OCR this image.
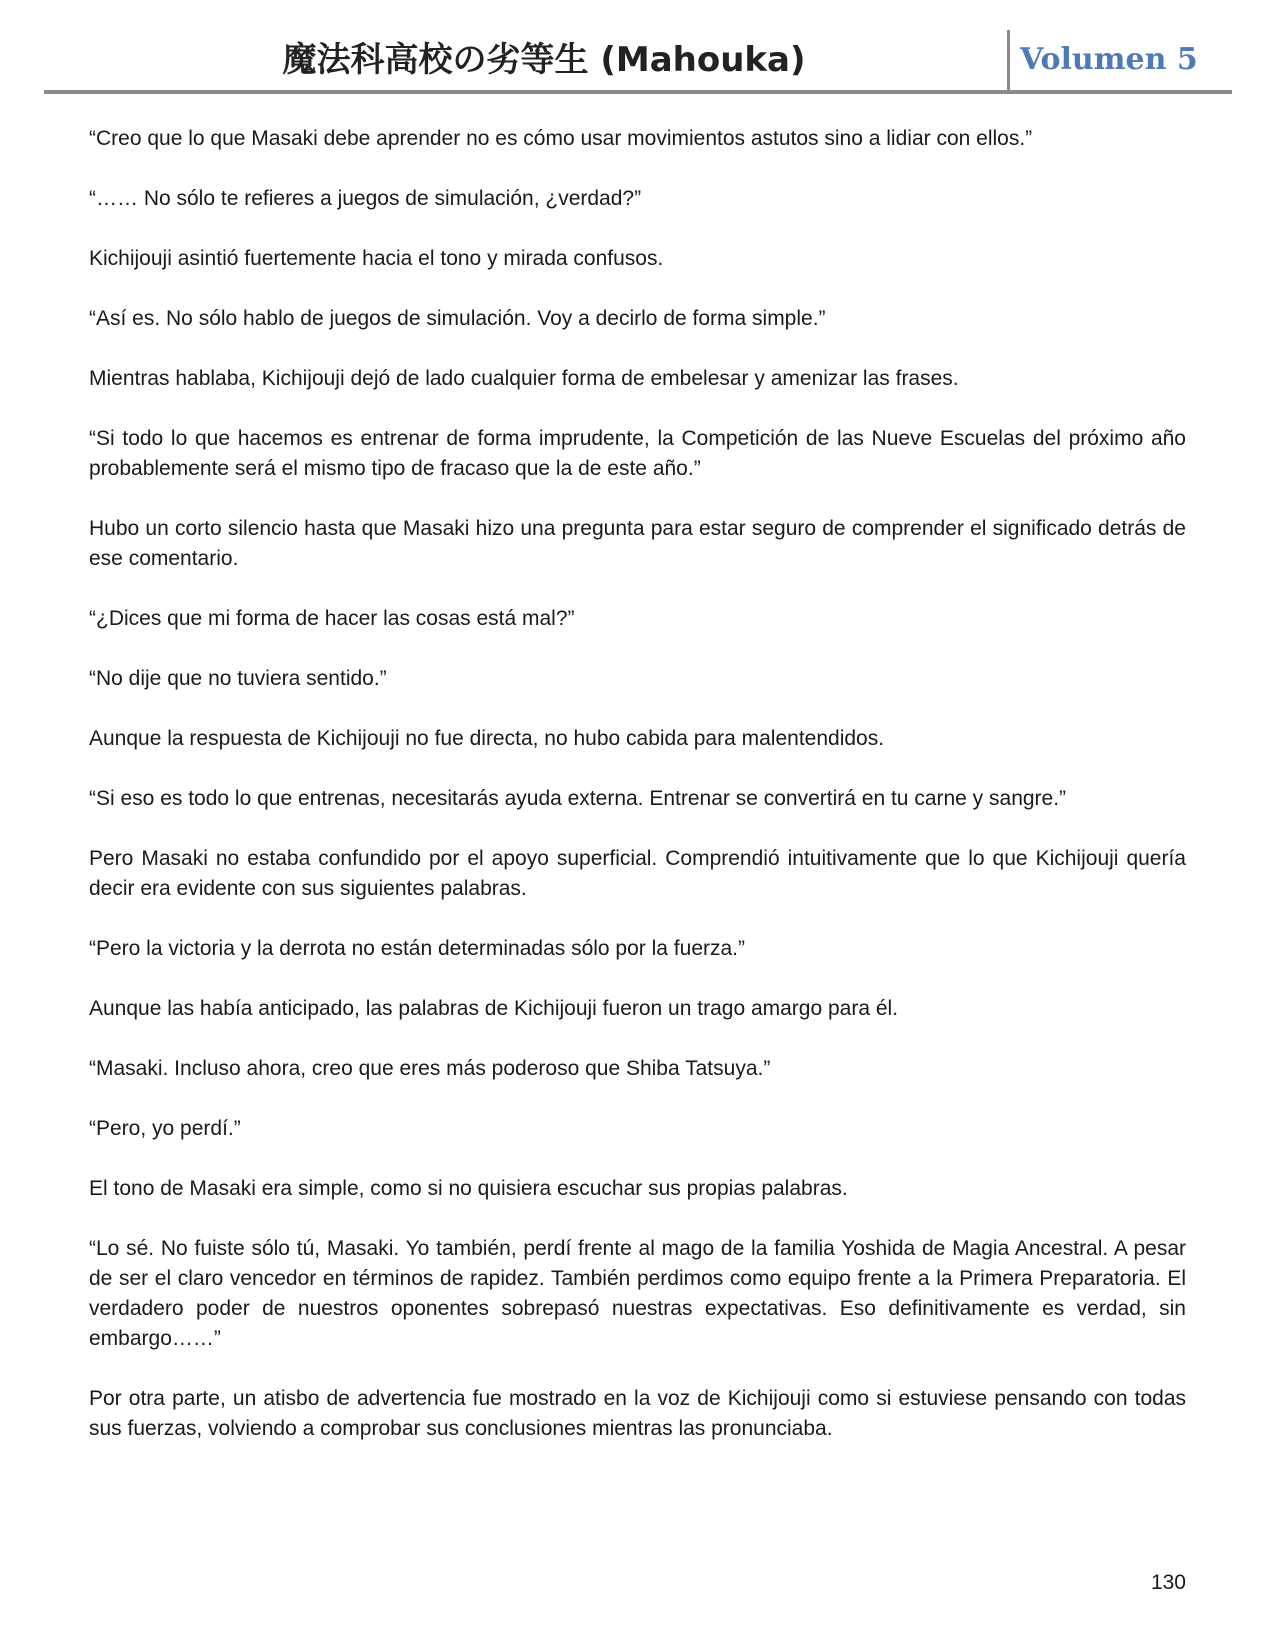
魔法科高校の劣等生 (Mahouka)	Volumen 5

“Creo que lo que Masaki debe aprender no es cómo usar movimientos astutos sino a lidiar con ellos.”

“…… No sólo te refieres a juegos de simulación, ¿verdad?”

Kichijouji asintió fuertemente hacia el tono y mirada confusos.

“Así es. No sólo hablo de juegos de simulación. Voy a decirlo de forma simple.”

Mientras hablaba, Kichijouji dejó de lado cualquier forma de embelesar y amenizar las frases.

“Si todo lo que hacemos es entrenar de forma imprudente, la Competición de las Nueve Escuelas del próximo año probablemente será el mismo tipo de fracaso que la de este año.”

Hubo un corto silencio hasta que Masaki hizo una pregunta para estar seguro de comprender el significado detrás de ese comentario.

“¿Dices que mi forma de hacer las cosas está mal?”

“No dije que no tuviera sentido.”

Aunque la respuesta de Kichijouji no fue directa, no hubo cabida para malentendidos.

“Si eso es todo lo que entrenas, necesitarás ayuda externa. Entrenar se convertirá en tu carne y sangre.”

Pero Masaki no estaba confundido por el apoyo superficial. Comprendió intuitivamente que lo que Kichijouji quería decir era evidente con sus siguientes palabras.

“Pero la victoria y la derrota no están determinadas sólo por la fuerza.”

Aunque las había anticipado, las palabras de Kichijouji fueron un trago amargo para él.

“Masaki. Incluso ahora, creo que eres más poderoso que Shiba Tatsuya.”

“Pero, yo perdí.”

El tono de Masaki era simple, como si no quisiera escuchar sus propias palabras.

“Lo sé. No fuiste sólo tú, Masaki. Yo también, perdí frente al mago de la familia Yoshida de Magia Ancestral. A pesar de ser el claro vencedor en términos de rapidez. También perdimos como equipo frente a la Primera Preparatoria. El verdadero poder de nuestros oponentes sobrepasó nuestras expectativas. Eso definitivamente es verdad, sin embargo……”

Por otra parte, un atisbo de advertencia fue mostrado en la voz de Kichijouji como si estuviese pensando con todas sus fuerzas, volviendo a comprobar sus conclusiones mientras las pronunciaba.

130
